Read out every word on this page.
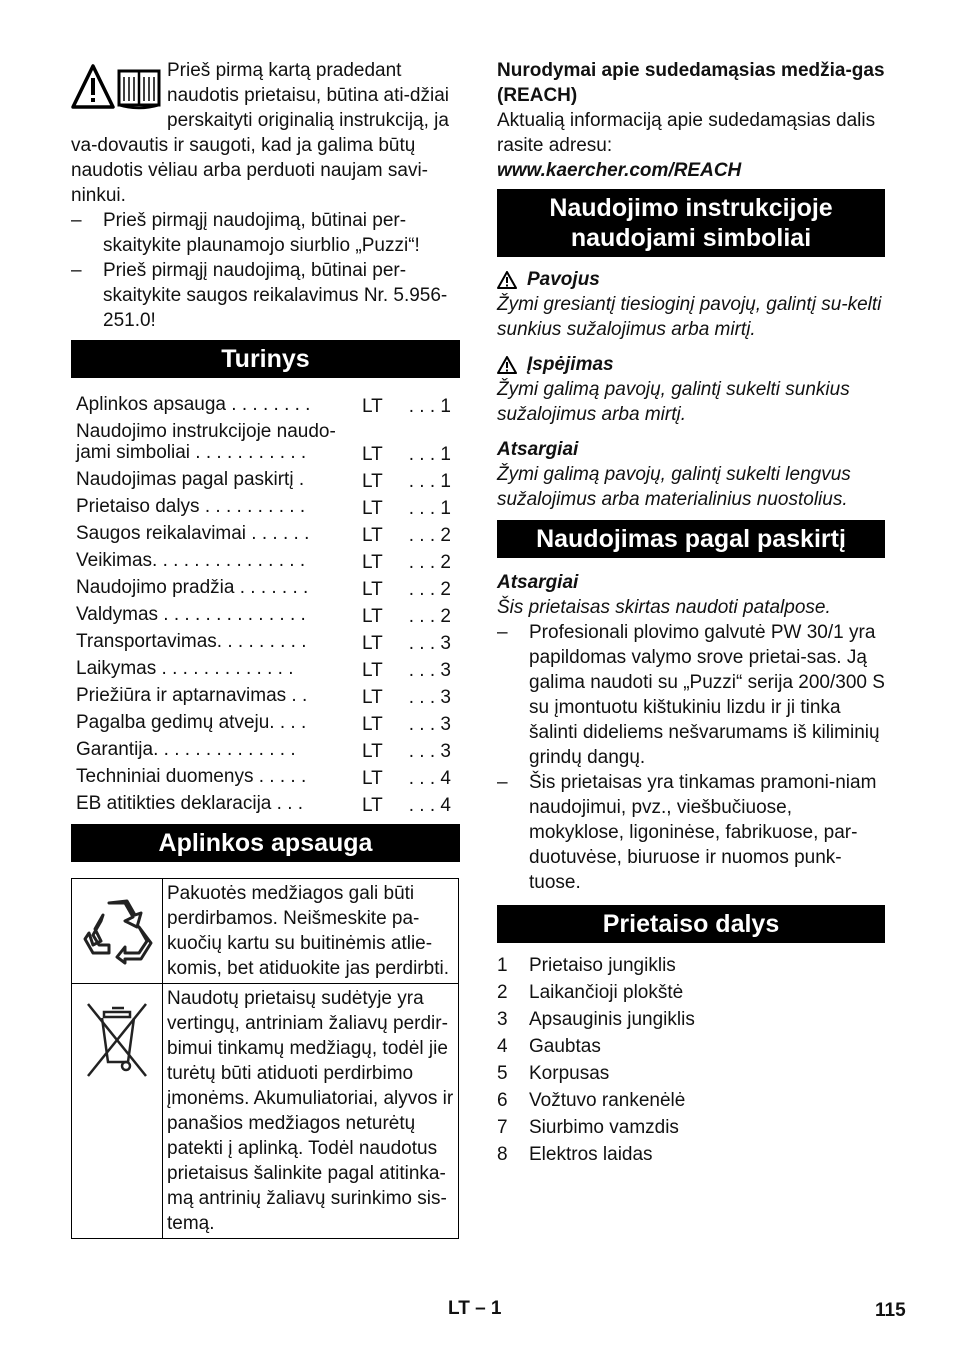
Prieš pirmą kartą pradedant naudotis prietaisu, būtina ati-džiai perskaityti originalią instrukciją, ja va-dovautis ir saugoti, kad ja galima būtų naudotis vėliau arba perduoti naujam savi-ninkui.

– Prieš pirmąjį naudojimą, būtinai per-skaitykite plaunamojo siurblio „Puzzi“!
– Prieš pirmąjį naudojimą, būtinai per-skaitykite saugos reikalavimus Nr. 5.956-251.0!
Turinys
Aplinkos apsauga . . . . . . . .	LT	. . . 1
Naudojimo instrukcijoje naudo-jami simboliai . . . . . . . . . . .	LT	. . . 1
Naudojimas pagal paskirtį .	LT	. . . 1
Prietaiso dalys . . . . . . . . . .	LT	. . . 1
Saugos reikalavimai . . . . . .	LT	. . . 2
Veikimas. . . . . . . . . . . . . . .	LT	. . . 2
Naudojimo pradžia . . . . . . .	LT	. . . 2
Valdymas . . . . . . . . . . . . . .	LT	. . . 2
Transportavimas. . . . . . . . .	LT	. . . 3
Laikymas . . . . . . . . . . . . .	LT	. . . 3
Priežiūra ir aptarnavimas . .	LT	. . . 3
Pagalba gedimų atveju. . . .	LT	. . . 3
Garantija. . . . . . . . . . . . . .	LT	. . . 3
Techniniai duomenys . . . . .	LT	. . . 4
EB atitikties deklaracija . . .	LT	. . . 4
Aplinkos apsauga
	Pakuotės medžiagos gali būti perdirbamos. Neišmeskite pa-kuočių kartu su buitinėmis atlie-komis, bet atiduokite jas perdirbti.
	Naudotų prietaisų sudėtyje yra vertingų, antriniam žaliavų perdir-bimui tinkamų medžiagų, todėl jie turėtų būti atiduoti perdirbimo įmonėms. Akumuliatoriai, alyvos ir panašios medžiagos neturėtų patekti į aplinką. Todėl naudotus prietaisus šalinkite pagal atitinka-mą antrinių žaliavų surinkimo sis-temą.

Nurodymai apie sudedamąsias medžia-gas (REACH)

Aktualią informaciją apie sudedamąsias dalis rasite adresu:

www.kaercher.com/REACH

Naudojimo instrukcijoje naudojami simboliai
Pavojus

Žymi gresiantį tiesioginį pavojų, galintį su-kelti sunkius sužalojimus arba mirtį.

Įspėjimas

Žymi galimą pavojų, galintį sukelti sunkius sužalojimus arba mirtį.

Atsargiai

Žymi galimą pavojų, galintį sukelti lengvus sužalojimus arba materialinius nuostolius.

Naudojimas pagal paskirtį
Atsargiai

Šis prietaisas skirtas naudoti patalpose.

– Profesionali plovimo galvutė PW 30/1 yra papildomas valymo srove prietai-sas. Ją galima naudoti su „Puzzi“ serija 200/300 S su įmontuotu kištukiniu lizdu ir ji tinka šalinti dideliems nešvarumams iš kiliminių grindų dangų.
– Šis prietaisas yra tinkamas pramoni-niam naudojimui, pvz., viešbučiuose, mokyklose, ligoninėse, fabrikuose, par-duotuvėse, biuruose ir nuomos punk-tuose.
Prietaiso dalys
1	Prietaiso jungiklis
2	Laikančioji plokštė
3	Apsauginis jungiklis
4	Gaubtas
5	Korpusas
6	Vožtuvo rankenėlė
7	Siurbimo vamzdis
8	Elektros laidas
LT – 1	115
